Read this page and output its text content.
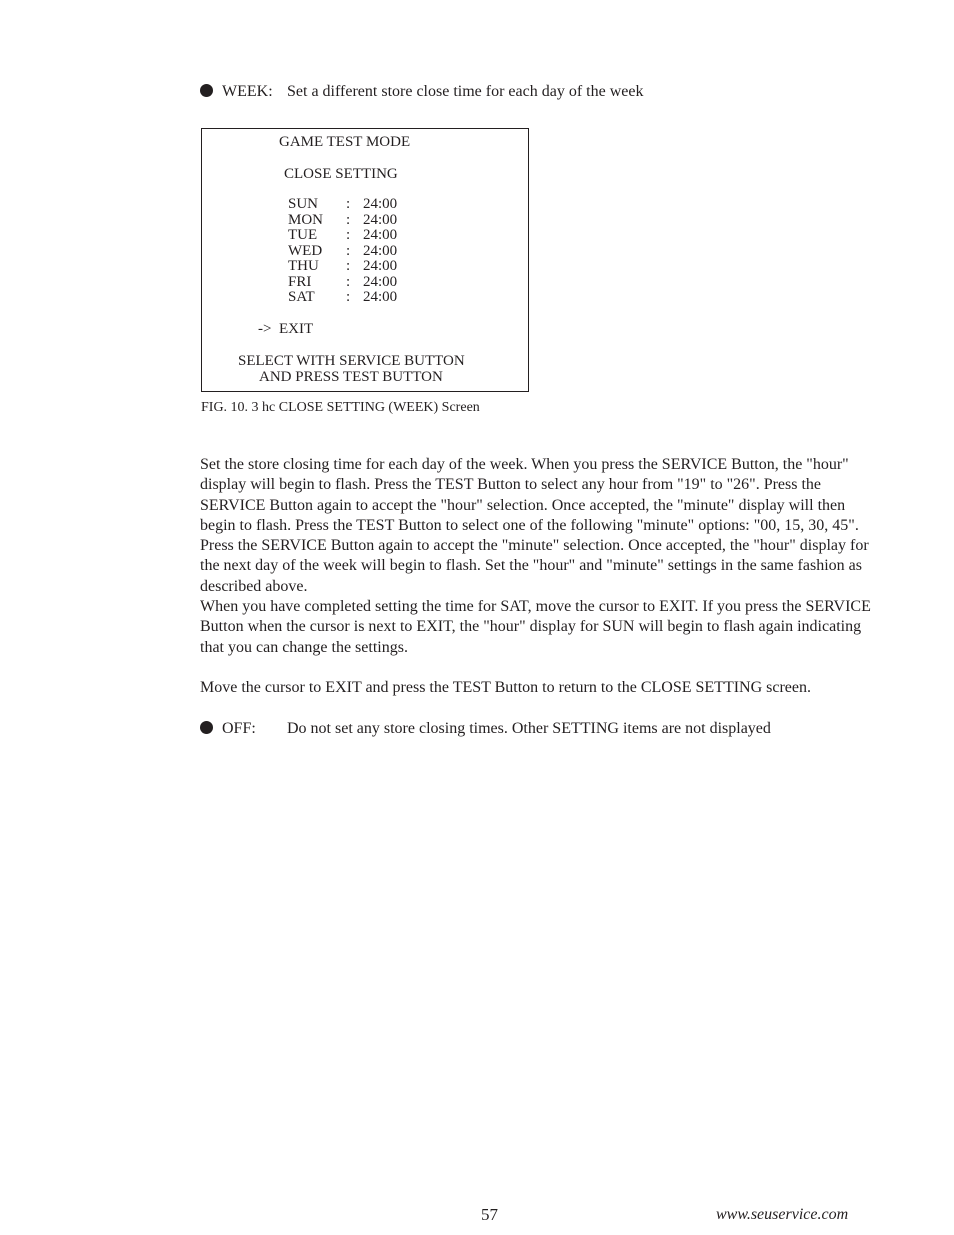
WEEK: Set a different store close time for each day of the week
GAME TEST MODE
CLOSE SETTING
SUN : 24:00
MON : 24:00
TUE : 24:00
WED : 24:00
THU : 24:00
FRI : 24:00
SAT : 24:00
-> EXIT
SELECT WITH SERVICE BUTTON
AND PRESS TEST BUTTON
FIG. 10. 3 hc CLOSE SETTING (WEEK) Screen

Set the store closing time for each day of the week. When you press the SERVICE Button, the "hour" display will begin to flash. Press the TEST Button to select any hour from "19" to "26". Press the SERVICE Button again to accept the "hour" selection. Once accepted, the "minute" display will then begin to flash. Press the TEST Button to select one of the following "minute" options: "00, 15, 30, 45". Press the SERVICE Button again to accept the "minute" selection. Once accepted, the "hour" display for the next day of the week will begin to flash. Set the "hour" and "minute" settings in the same fashion as described above.

When you have completed setting the time for SAT, move the cursor to EXIT. If you press the SERVICE Button when the cursor is next to EXIT, the "hour" display for SUN will begin to flash again indicating that you can change the settings.

Move the cursor to EXIT and press the TEST Button to return to the CLOSE SETTING screen.

OFF: Do not set any store closing times. Other SETTING items are not displayed
57	www.seuservice.com
